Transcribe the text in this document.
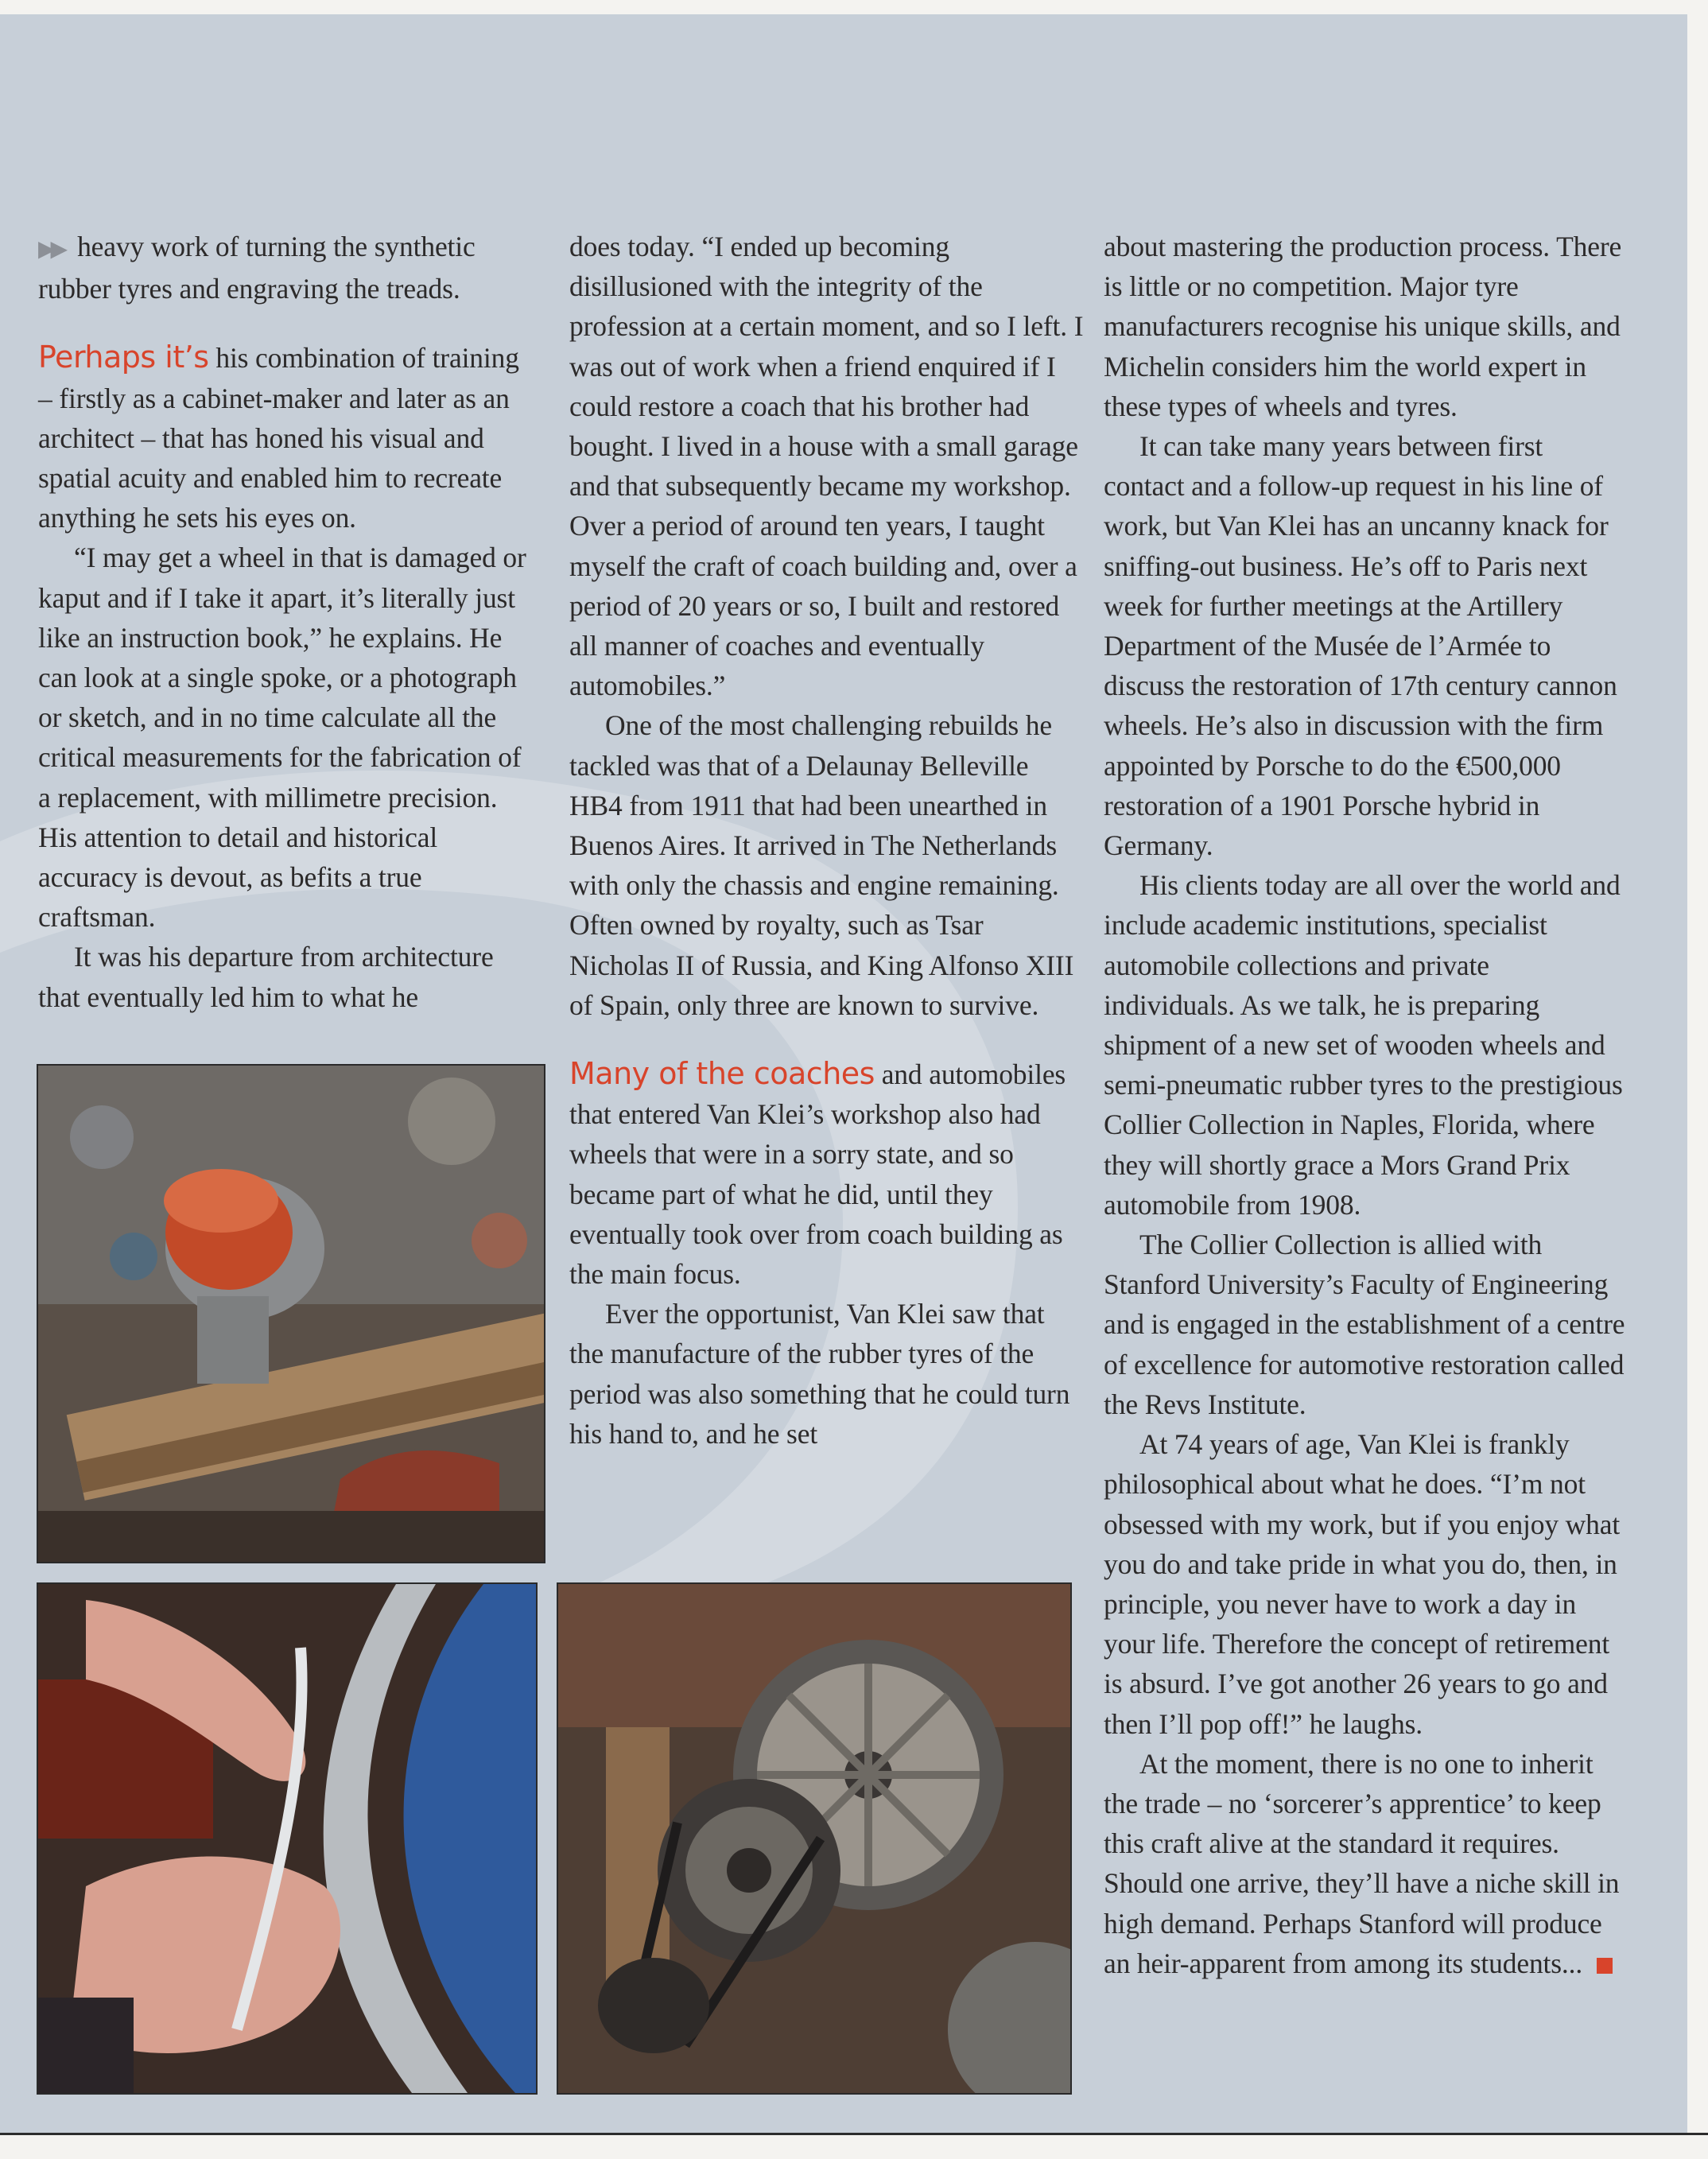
▶▶ heavy work of turning the synthetic rubber tyres and engraving the treads.

Perhaps it’s his combination of training – firstly as a cabinet-maker and later as an architect – that has honed his visual and spatial acuity and enabled him to recreate anything he sets his eyes on.

“I may get a wheel in that is damaged or kaput and if I take it apart, it’s literally just like an instruction book,” he explains. He can look at a single spoke, or a photograph or sketch, and in no time calculate all the critical measurements for the fabrication of a replacement, with millimetre precision. His attention to detail and historical accuracy is devout, as befits a true craftsman.

It was his departure from architecture that eventually led him to what he

does today. “I ended up becoming disillusioned with the integrity of the profession at a certain moment, and so I left. I was out of work when a friend enquired if I could restore a coach that his brother had bought. I lived in a house with a small garage and that subsequently became my workshop. Over a period of around ten years, I taught myself the craft of coach building and, over a period of 20 years or so, I built and restored all manner of coaches and eventually automobiles.”

One of the most challenging rebuilds he tackled was that of a Delaunay Belleville HB4 from 1911 that had been unearthed in Buenos Aires. It arrived in The Netherlands with only the chassis and engine remaining. Often owned by royalty, such as Tsar Nicholas II of Russia, and King Alfonso XIII of Spain, only three are known to survive.

Many of the coaches and automobiles that entered Van Klei’s workshop also had wheels that were in a sorry state, and so became part of what he did, until they eventually took over from coach building as the main focus.

Ever the opportunist, Van Klei saw that the manufacture of the rubber tyres of the period was also something that he could turn his hand to, and he set

about mastering the production process. There is little or no competition. Major tyre manufacturers recognise his unique skills, and Michelin considers him the world expert in these types of wheels and tyres.

It can take many years between first contact and a follow-up request in his line of work, but Van Klei has an uncanny knack for sniffing-out business. He’s off to Paris next week for further meetings at the Artillery Department of the Musée de l’Armée to discuss the restoration of 17th century cannon wheels. He’s also in discussion with the firm appointed by Porsche to do the €500,000 restoration of a 1901 Porsche hybrid in Germany.

His clients today are all over the world and include academic institutions, specialist automobile collections and private individuals. As we talk, he is preparing shipment of a new set of wooden wheels and semi-pneumatic rubber tyres to the prestigious Collier Collection in Naples, Florida, where they will shortly grace a Mors Grand Prix automobile from 1908.

The Collier Collection is allied with Stanford University’s Faculty of Engineering and is engaged in the establishment of a centre of excellence for automotive restoration called the Revs Institute.

At 74 years of age, Van Klei is frankly philosophical about what he does. “I’m not obsessed with my work, but if you enjoy what you do and take pride in what you do, then, in principle, you never have to work a day in your life. Therefore the concept of retirement is absurd. I’ve got another 26 years to go and then I’ll pop off!” he laughs.

At the moment, there is no one to inherit the trade – no ‘sorcerer’s apprentice’ to keep this craft alive at the standard it requires. Should one arrive, they’ll have a niche skill in high demand. Perhaps Stanford will produce an heir-apparent from among its students...
